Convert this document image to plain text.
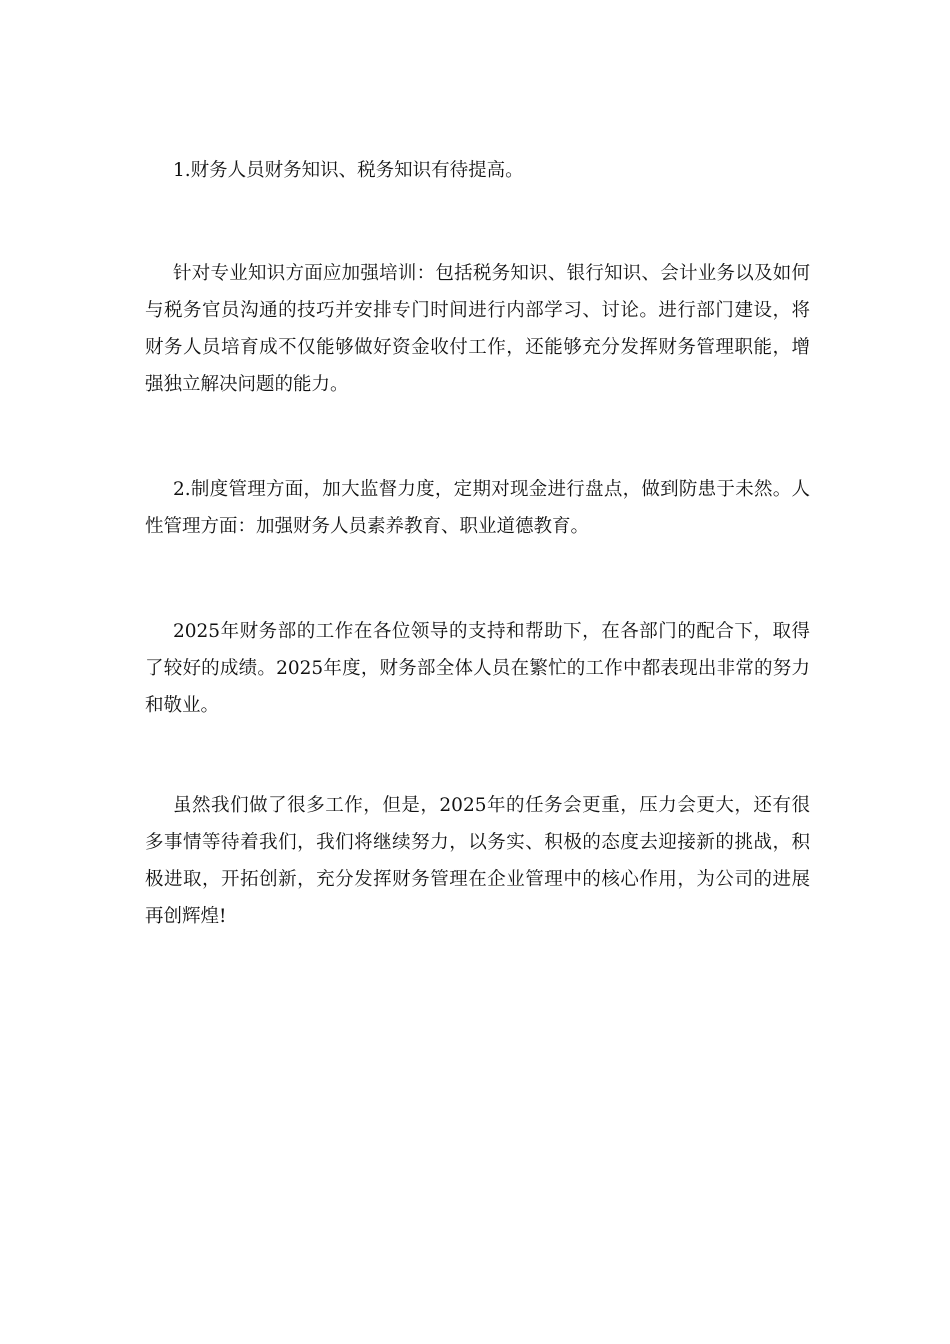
1.财务人员财务知识、税务知识有待提高。

针对专业知识方面应加强培训：包括税务知识、银行知识、会计业务以及如何与税务官员沟通的技巧并安排专门时间进行内部学习、讨论。进行部门建设，将财务人员培育成不仅能够做好资金收付工作，还能够充分发挥财务管理职能，增强独立解决问题的能力。

2.制度管理方面，加大监督力度，定期对现金进行盘点，做到防患于未然。人性管理方面：加强财务人员素养教育、职业道德教育。

2025年财务部的工作在各位领导的支持和帮助下，在各部门的配合下，取得了较好的成绩。2025年度，财务部全体人员在繁忙的工作中都表现出非常的努力和敬业。

虽然我们做了很多工作，但是，2025年的任务会更重，压力会更大，还有很多事情等待着我们，我们将继续努力，以务实、积极的态度去迎接新的挑战，积极进取，开拓创新，充分发挥财务管理在企业管理中的核心作用，为公司的进展再创辉煌!
